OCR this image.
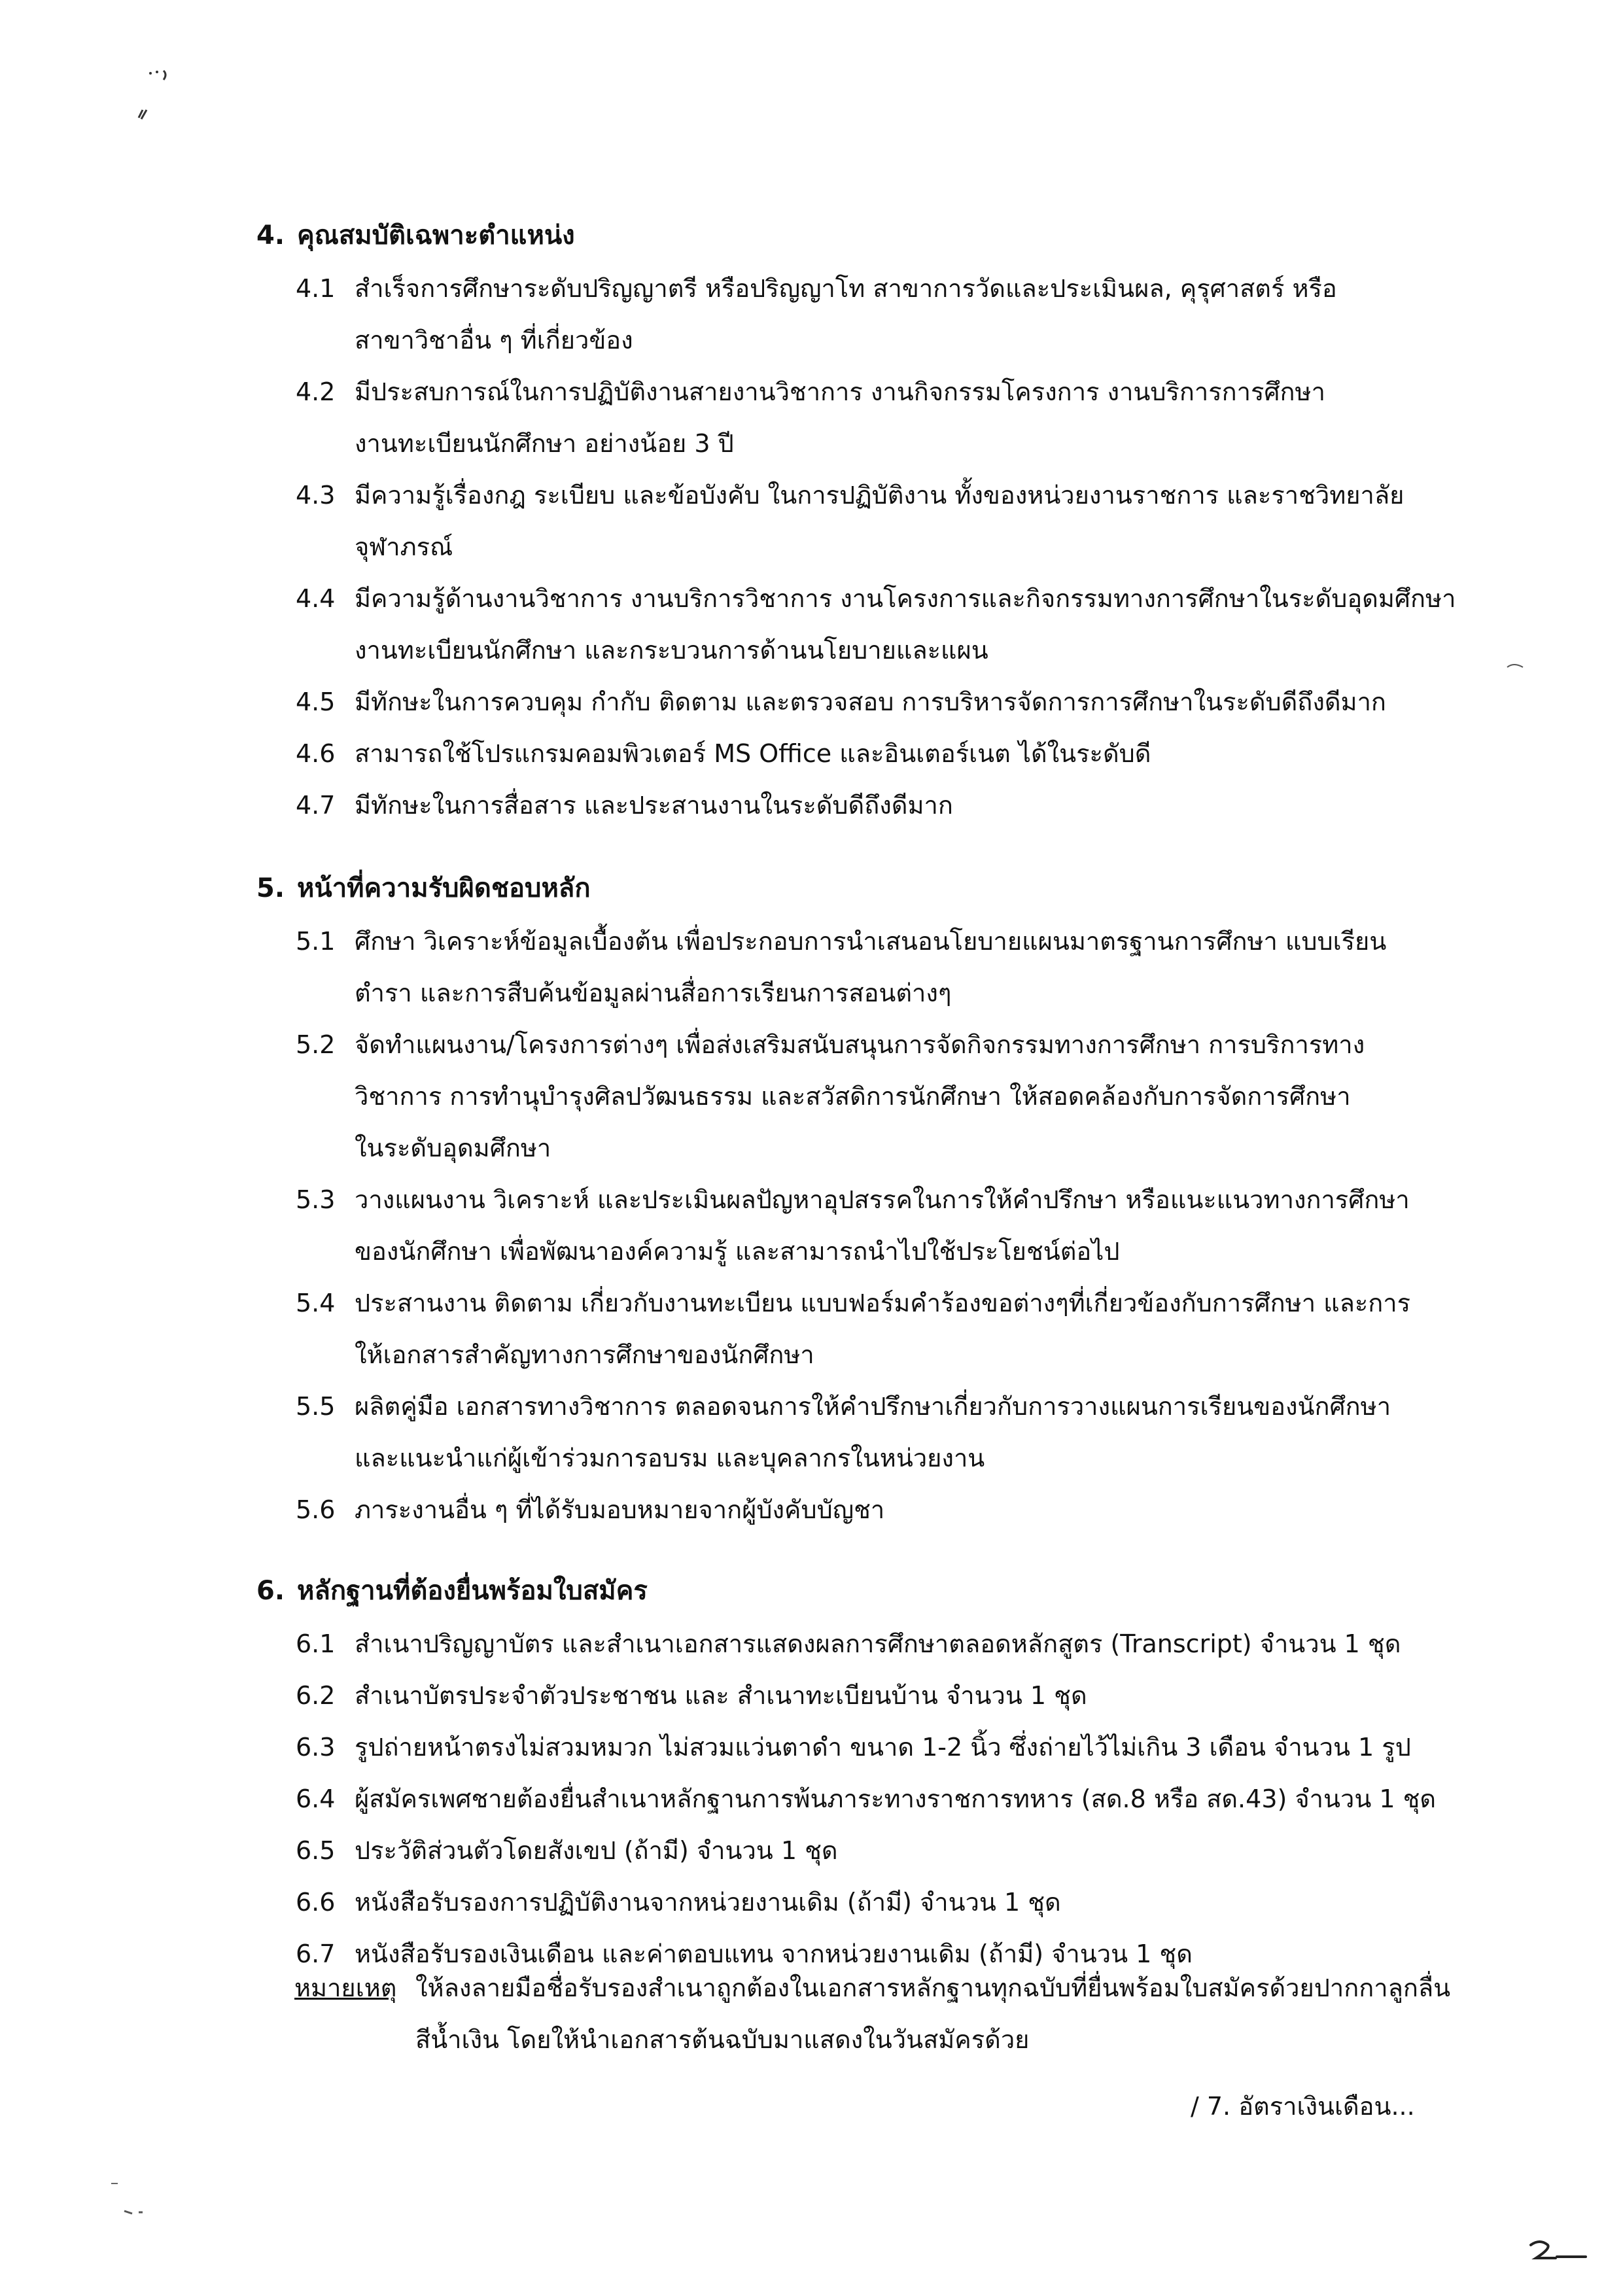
4. คุณสมบัติเฉพาะตำแหน่ง
4.1 สำเร็จการศึกษาระดับปริญญาตรี หรือปริญญาโท สาขาการวัดและประเมินผล, คุรุศาสตร์ หรือ
สาขาวิชาอื่น ๆ ที่เกี่ยวข้อง
4.2 มีประสบการณ์ในการปฏิบัติงานสายงานวิชาการ งานกิจกรรมโครงการ งานบริการการศึกษา
งานทะเบียนนักศึกษา อย่างน้อย 3 ปี
4.3 มีความรู้เรื่องกฎ ระเบียบ และข้อบังคับ ในการปฏิบัติงาน ทั้งของหน่วยงานราชการ และราชวิทยาลัย
จุฬาภรณ์
4.4 มีความรู้ด้านงานวิชาการ งานบริการวิชาการ งานโครงการและกิจกรรมทางการศึกษาในระดับอุดมศึกษา
งานทะเบียนนักศึกษา และกระบวนการด้านนโยบายและแผน
4.5 มีทักษะในการควบคุม กำกับ ติดตาม และตรวจสอบ การบริหารจัดการการศึกษาในระดับดีถึงดีมาก
4.6 สามารถใช้โปรแกรมคอมพิวเตอร์ MS Office และอินเตอร์เนต ได้ในระดับดี
4.7 มีทักษะในการสื่อสาร และประสานงานในระดับดีถึงดีมาก
5. หน้าที่ความรับผิดชอบหลัก
5.1 ศึกษา วิเคราะห์ข้อมูลเบื้องต้น เพื่อประกอบการนำเสนอนโยบายแผนมาตรฐานการศึกษา แบบเรียน
ตำรา และการสืบค้นข้อมูลผ่านสื่อการเรียนการสอนต่างๆ
5.2 จัดทำแผนงาน/โครงการต่างๆ เพื่อส่งเสริมสนับสนุนการจัดกิจกรรมทางการศึกษา การบริการทาง
วิชาการ การทำนุบำรุงศิลปวัฒนธรรม และสวัสดิการนักศึกษา ให้สอดคล้องกับการจัดการศึกษา
ในระดับอุดมศึกษา
5.3 วางแผนงาน วิเคราะห์ และประเมินผลปัญหาอุปสรรคในการให้คำปรึกษา หรือแนะแนวทางการศึกษา
ของนักศึกษา เพื่อพัฒนาองค์ความรู้ และสามารถนำไปใช้ประโยชน์ต่อไป
5.4 ประสานงาน ติดตาม เกี่ยวกับงานทะเบียน แบบฟอร์มคำร้องขอต่างๆที่เกี่ยวข้องกับการศึกษา และการ
ให้เอกสารสำคัญทางการศึกษาของนักศึกษา
5.5 ผลิตคู่มือ เอกสารทางวิชาการ ตลอดจนการให้คำปรึกษาเกี่ยวกับการวางแผนการเรียนของนักศึกษา
และแนะนำแก่ผู้เข้าร่วมการอบรม และบุคลากรในหน่วยงาน
5.6 ภาระงานอื่น ๆ ที่ได้รับมอบหมายจากผู้บังคับบัญชา
6. หลักฐานที่ต้องยื่นพร้อมใบสมัคร
6.1 สำเนาปริญญาบัตร และสำเนาเอกสารแสดงผลการศึกษาตลอดหลักสูตร (Transcript) จำนวน 1 ชุด
6.2 สำเนาบัตรประจำตัวประชาชน และ สำเนาทะเบียนบ้าน จำนวน 1 ชุด
6.3 รูปถ่ายหน้าตรงไม่สวมหมวก ไม่สวมแว่นตาดำ ขนาด 1-2 นิ้ว ซึ่งถ่ายไว้ไม่เกิน 3 เดือน จำนวน 1 รูป
6.4 ผู้สมัครเพศชายต้องยื่นสำเนาหลักฐานการพ้นภาระทางราชการทหาร (สด.8 หรือ สด.43) จำนวน 1 ชุด
6.5 ประวัติส่วนตัวโดยสังเขป (ถ้ามี) จำนวน 1 ชุด
6.6 หนังสือรับรองการปฏิบัติงานจากหน่วยงานเดิม (ถ้ามี) จำนวน 1 ชุด
6.7 หนังสือรับรองเงินเดือน และค่าตอบแทน จากหน่วยงานเดิม (ถ้ามี) จำนวน 1 ชุด
หมายเหตุ ให้ลงลายมือชื่อรับรองสำเนาถูกต้องในเอกสารหลักฐานทุกฉบับที่ยื่นพร้อมใบสมัครด้วยปากกาลูกลื่น
สีน้ำเงิน โดยให้นำเอกสารต้นฉบับมาแสดงในวันสมัครด้วย
/ 7. อัตราเงินเดือน...
